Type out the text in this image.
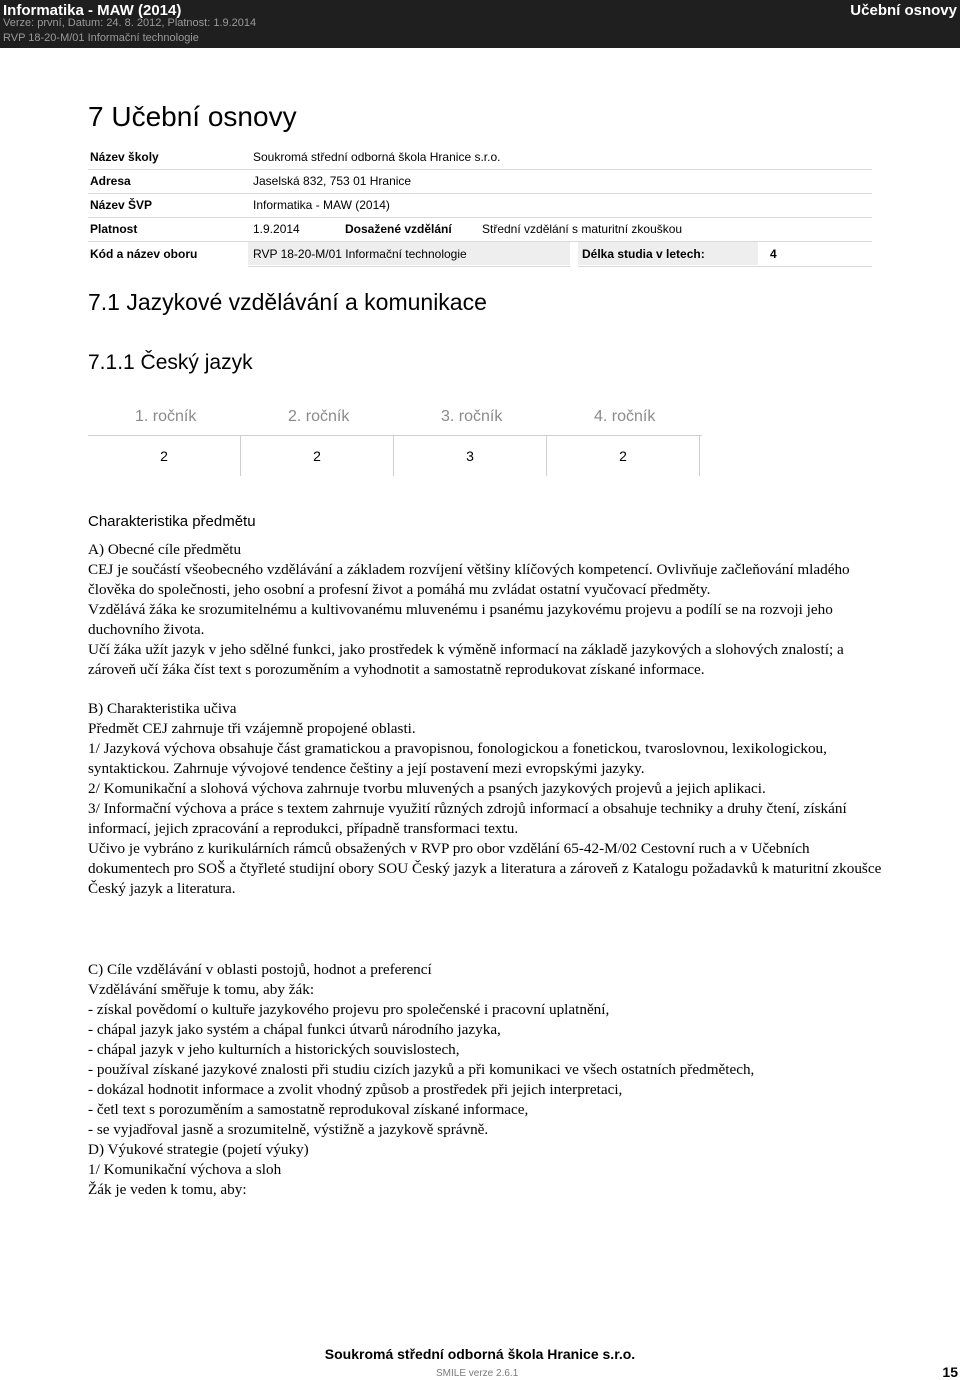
Informatika - MAW (2014)	Učební osnovy
Verze: první, Datum: 24. 8. 2012, Platnost: 1.9.2014
RVP 18-20-M/01 Informační technologie
7 Učební osnovy
Název školy	Soukromá střední odborná škola Hranice s.r.o.
Adresa	Jaselská 832, 753 01 Hranice
Název ŠVP	Informatika - MAW (2014)
Platnost	1.9.2014	Dosažené vzdělání	Střední vzdělání s maturitní zkouškou
Kód a název oboru	RVP 18-20-M/01 Informační technologie	Délka studia v letech:	4
7.1 Jazykové vzdělávání a komunikace
7.1.1 Český jazyk
1. ročník	2. ročník	3. ročník	4. ročník
2	2	3	2
Charakteristika předmětu

A) Obecné cíle předmětu

CEJ je součástí všeobecného vzdělávání a základem rozvíjení většiny klíčových kompetencí. Ovlivňuje začleňování mladého člověka do společnosti, jeho osobní a profesní život a pomáhá mu zvládat ostatní vyučovací předměty.

Vzdělává žáka ke srozumitelnému a kultivovanému mluvenému i psanému jazykovému projevu a podílí se na rozvoji jeho duchovního života.

Učí žáka užít jazyk v jeho sdělné funkci, jako prostředek k výměně informací na základě jazykových a slohových znalostí; a zároveň učí žáka číst text s porozuměním a vyhodnotit a samostatně reprodukovat získané informace.

B) Charakteristika učiva

Předmět CEJ zahrnuje tři vzájemně propojené oblasti.

1/ Jazyková výchova obsahuje část gramatickou a pravopisnou, fonologickou a fonetickou, tvaroslovnou, lexikologickou, syntaktickou. Zahrnuje vývojové tendence češtiny a její postavení mezi evropskými jazyky.

2/ Komunikační a slohová výchova zahrnuje tvorbu mluvených a psaných jazykových projevů a jejich aplikaci.

3/ Informační výchova a práce s textem zahrnuje využití různých zdrojů informací a obsahuje techniky a druhy čtení, získání informací, jejich zpracování a reprodukci, případně transformaci textu.

Učivo je vybráno z kurikulárních rámců obsažených v RVP pro obor vzdělání 65-42-M/02 Cestovní ruch a v Učebních dokumentech pro SOŠ a čtyřleté studijní obory SOU Český jazyk a literatura a zároveň z Katalogu požadavků k maturitní zkoušce Český jazyk a literatura.

C) Cíle vzdělávání v oblasti postojů, hodnot a preferencí

Vzdělávání směřuje k tomu, aby žák:

- získal povědomí o kultuře jazykového projevu pro společenské i pracovní uplatnění,

- chápal jazyk jako systém a chápal funkci útvarů národního jazyka,

- chápal jazyk v jeho kulturních a historických souvislostech,

- používal získané jazykové znalosti při studiu cizích jazyků a při komunikaci ve všech ostatních předmětech,

- dokázal hodnotit informace a zvolit vhodný způsob a prostředek při jejich interpretaci,

- četl text s porozuměním a samostatně reprodukoval získané informace,

- se vyjadřoval jasně a srozumitelně, výstižně a jazykově správně.

D) Výukové strategie (pojetí výuky)

1/ Komunikační výchova a sloh

Žák je veden k tomu, aby:

Soukromá střední odborná škola Hranice s.r.o.
SMILE verze 2.6.1	15
